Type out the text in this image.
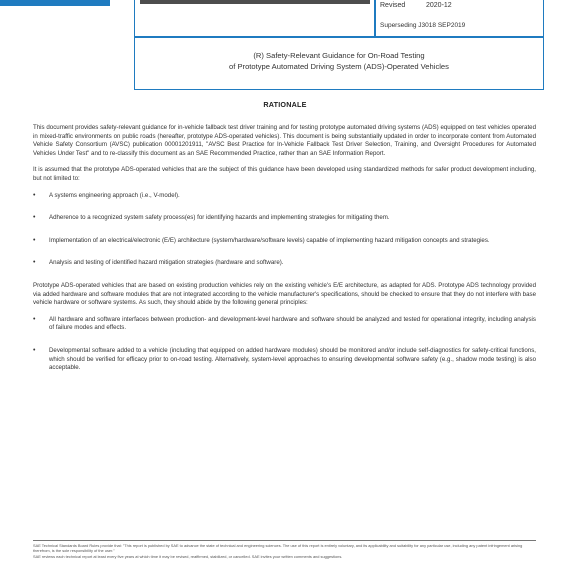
Revised	2020-12
Superseding J3018 SEP2019
(R) Safety-Relevant Guidance for On-Road Testing
of Prototype Automated Driving System (ADS)-Operated Vehicles
RATIONALE

This document provides safety-relevant guidance for in-vehicle fallback test driver training and for testing prototype automated driving systems (ADS) equipped on test vehicles operated in mixed-traffic environments on public roads (hereafter, prototype ADS-operated vehicles). This document is being substantially updated in order to incorporate content from Automated Vehicle Safety Consortium (AVSC) publication 00001201911, "AVSC Best Practice for In-Vehicle Fallback Test Driver Selection, Training, and Oversight Procedures for Automated Vehicles Under Test" and to re-classify this document as an SAE Recommended Practice, rather than an SAE Information Report.

It is assumed that the prototype ADS-operated vehicles that are the subject of this guidance have been developed using standardized methods for safer product development including, but not limited to:

• A systems engineering approach (i.e., V-model).
• Adherence to a recognized system safety process(es) for identifying hazards and implementing strategies for mitigating them.
• Implementation of an electrical/electronic (E/E) architecture (system/hardware/software levels) capable of implementing hazard mitigation concepts and strategies.
• Analysis and testing of identified hazard mitigation strategies (hardware and software).

Prototype ADS-operated vehicles that are based on existing production vehicles rely on the existing vehicle's E/E architecture, as adapted for ADS. Prototype ADS technology provided via added hardware and software modules that are not integrated according to the vehicle manufacturer's specifications, should be checked to ensure that they do not interfere with base vehicle hardware or software systems. As such, they should abide by the following general principles:

• All hardware and software interfaces between production- and development-level hardware and software should be analyzed and tested for operational integrity, including analysis of failure modes and effects.
• Developmental software added to a vehicle (including that equipped on added hardware modules) should be monitored and/or include self-diagnostics for safety-critical functions, which should be verified for efficacy prior to on-road testing. Alternatively, system-level approaches to ensuring developmental software safety (e.g., shadow mode testing) is also acceptable.

SAE Technical Standards Board Rules provide that: "This report is published by SAE to advance the state of technical and engineering sciences. The use of this report is entirely voluntary, and its applicability and suitability for any particular use, including any patent infringement arising therefrom, is the sole responsibility of the user."

SAE reviews each technical report at least every five years at which time it may be revised, reaffirmed, stabilized, or cancelled. SAE invites your written comments and suggestions.
